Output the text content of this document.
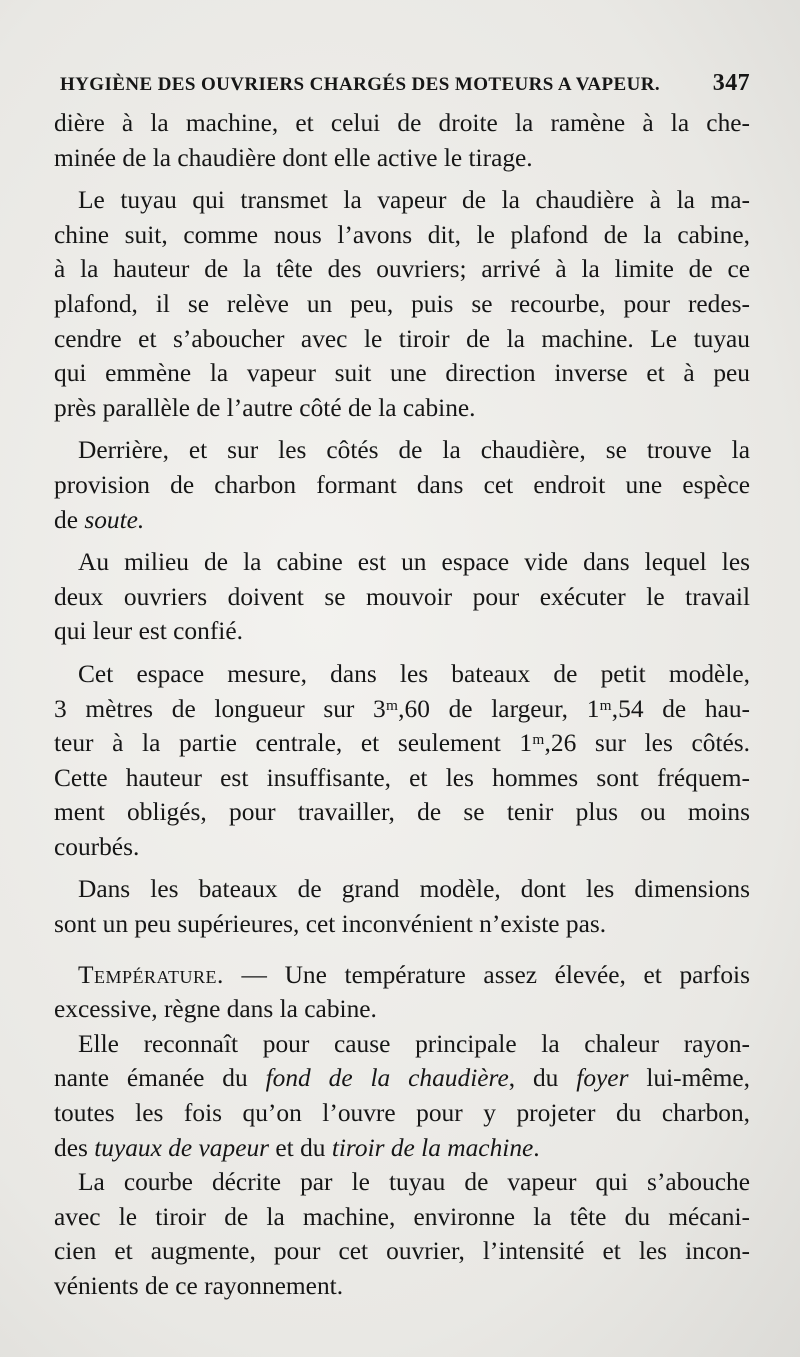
HYGIÈNE DES OUVRIERS CHARGÉS DES MOTEURS A VAPEUR. 347
dière à la machine, et celui de droite la ramène à la che-
minée de la chaudière dont elle active le tirage.
Le tuyau qui transmet la vapeur de la chaudière à la ma-
chine suit, comme nous l’avons dit, le plafond de la cabine,
à la hauteur de la tête des ouvriers; arrivé à la limite de ce
plafond, il se relève un peu, puis se recourbe, pour redes-
cendre et s’aboucher avec le tiroir de la machine. Le tuyau
qui emmène la vapeur suit une direction inverse et à peu
près parallèle de l’autre côté de la cabine.
Derrière, et sur les côtés de la chaudière, se trouve la
provision de charbon formant dans cet endroit une espèce
de soute.
Au milieu de la cabine est un espace vide dans lequel les
deux ouvriers doivent se mouvoir pour exécuter le travail
qui leur est confié.
Cet espace mesure, dans les bateaux de petit modèle,
3 mètres de longueur sur 3ᵐ,60 de largeur, 1ᵐ,54 de hau-
teur à la partie centrale, et seulement 1ᵐ,26 sur les côtés.
Cette hauteur est insuffisante, et les hommes sont fréquem-
ment obligés, pour travailler, de se tenir plus ou moins
courbés.
Dans les bateaux de grand modèle, dont les dimensions
sont un peu supérieures, cet inconvénient n’existe pas.
Température. — Une température assez élevée, et parfois
excessive, règne dans la cabine.
Elle reconnaît pour cause principale la chaleur rayon-
nante émanée du fond de la chaudière, du foyer lui-même,
toutes les fois qu’on l’ouvre pour y projeter du charbon,
des tuyaux de vapeur et du tiroir de la machine.
La courbe décrite par le tuyau de vapeur qui s’abouche
avec le tiroir de la machine, environne la tête du mécani-
cien et augmente, pour cet ouvrier, l’intensité et les incon-
vénients de ce rayonnement.
